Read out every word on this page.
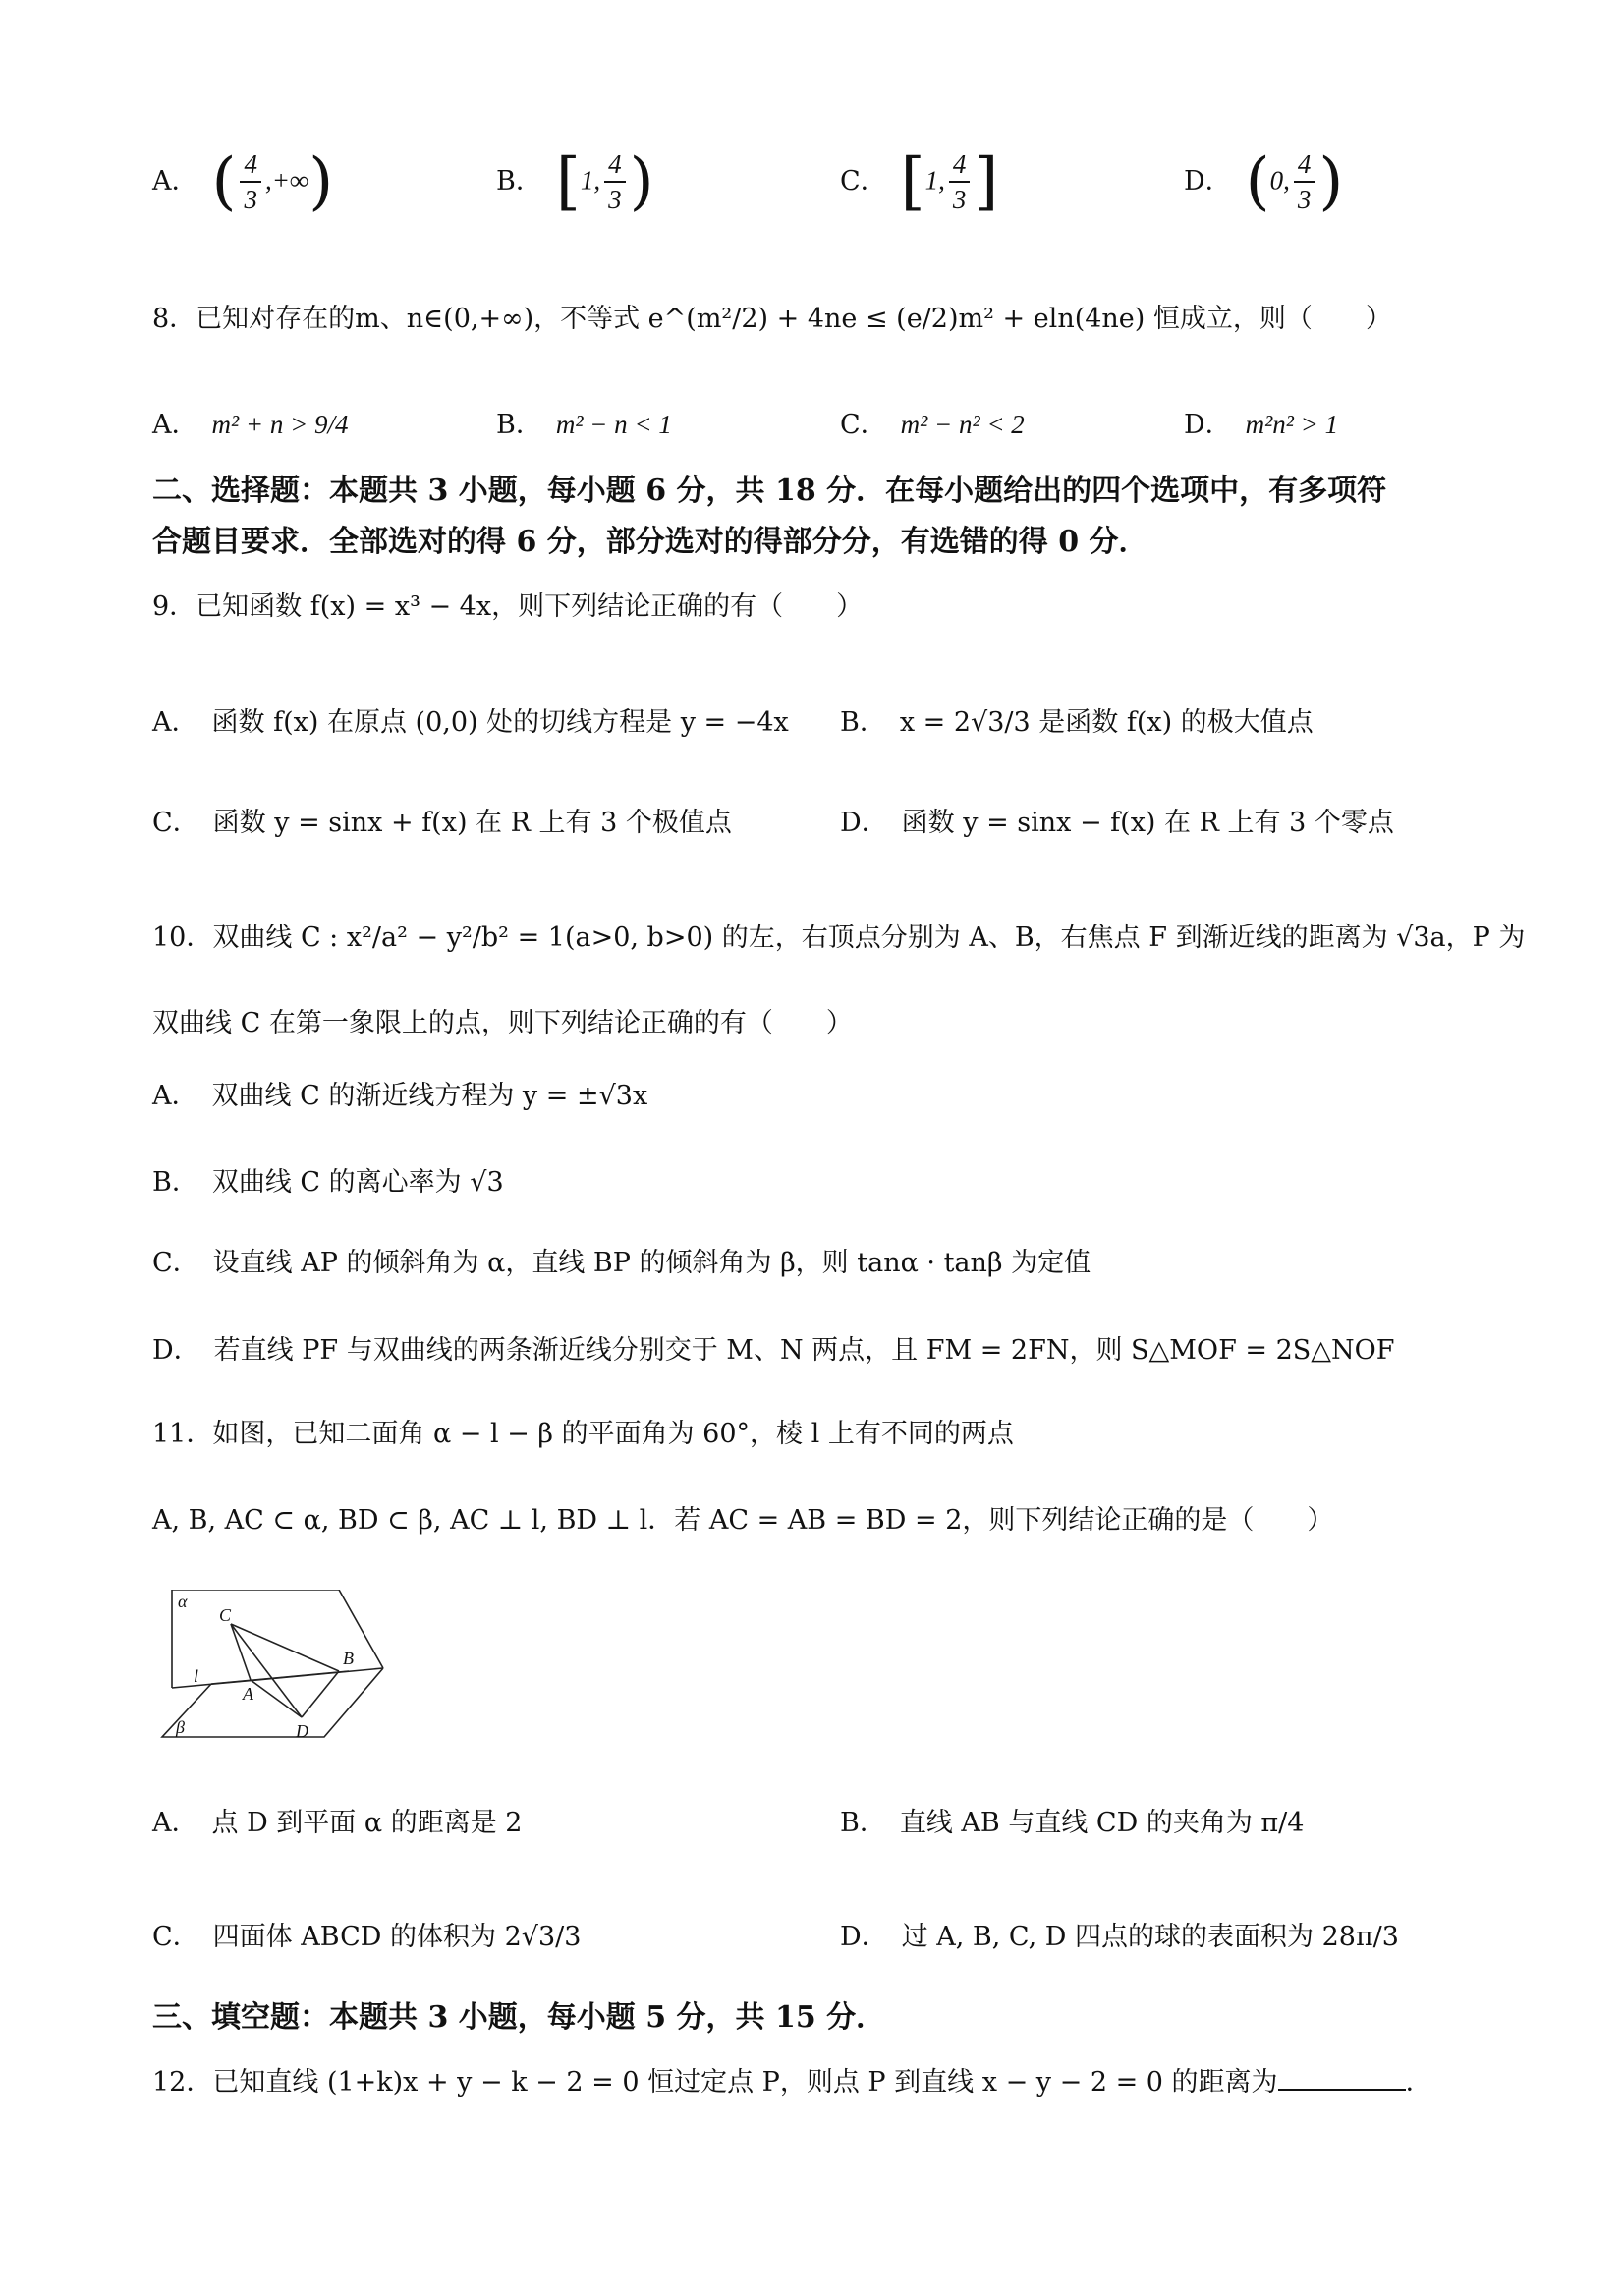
A． ( $\frac{4}{3}$ ,+∞)	B． [1, $\frac{4}{3}$ )	C． [1, $\frac{4}{3}$ ]	D． (0, $\frac{4}{3}$ )
8．已知对存在的m、n∈(0,+∞)，不等式 e^(m²/2) + 4ne ≤ (e/2)m² + eln(4ne) 恒成立，则（　　）
A． m² + n > 9/4	B． m² − n < 1	C． m² − n² < 2	D． m²n² > 1
二、选择题：本题共 3 小题，每小题 6 分，共 18 分．在每小题给出的四个选项中，有多项符
合题目要求．全部选对的得 6 分，部分选对的得部分分，有选错的得 0 分．
9．已知函数 f(x) = x³ − 4x，则下列结论正确的有（　　）
A． 函数 f(x) 在原点 (0,0) 处的切线方程是 y = −4x B． x = 2√3/3 是函数 f(x) 的极大值点
C． 函数 y = sinx + f(x) 在 R 上有 3 个极值点	D． 函数 y = sinx − f(x) 在 R 上有 3 个零点
10．双曲线 C : x²/a² − y²/b² = 1(a>0, b>0) 的左，右顶点分别为 A、B，右焦点 F 到渐近线的距离为 √3a，P 为
双曲线 C 在第一象限上的点，则下列结论正确的有（　　）
A． 双曲线 C 的渐近线方程为 y = ±√3x
B． 双曲线 C 的离心率为 √3
C． 设直线 AP 的倾斜角为 α，直线 BP 的倾斜角为 β，则 tanα · tanβ 为定值
D． 若直线 PF 与双曲线的两条渐近线分别交于 M、N 两点，且 FM = 2FN，则 S△MOF = 2S△NOF
11．如图，已知二面角 α − l − β 的平面角为 60°，棱 l 上有不同的两点
A, B, AC ⊂ α, BD ⊂ β, AC ⊥ l, BD ⊥ l．若 AC = AB = BD = 2，则下列结论正确的是（　　）
α
β
l
A
B
C
D
A． 点 D 到平面 α 的距离是 2	B． 直线 AB 与直线 CD 的夹角为 π/4
C． 四面体 ABCD 的体积为 2√3/3	D． 过 A, B, C, D 四点的球的表面积为 28π/3
三、填空题：本题共 3 小题，每小题 5 分，共 15 分．
12．已知直线 (1+k)x + y − k − 2 = 0 恒过定点 P，则点 P 到直线 x − y − 2 = 0 的距离为	．
